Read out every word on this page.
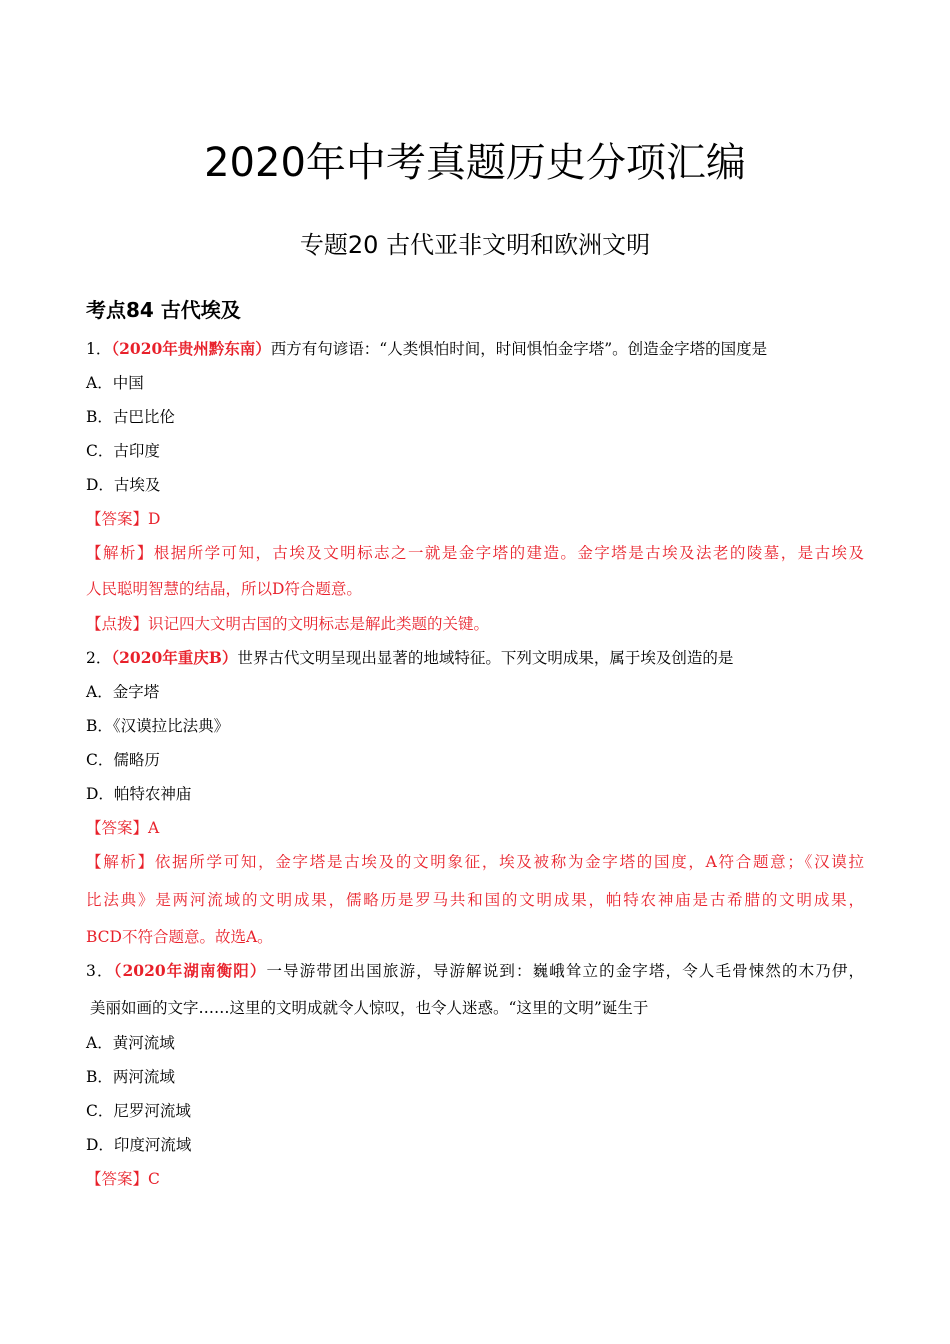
2020年中考真题历史分项汇编
专题20 古代亚非文明和欧洲文明
考点84 古代埃及
1．（2020年贵州黔东南）西方有句谚语：“人类惧怕时间，时间惧怕金字塔”。创造金字塔的国度是
A．中国
B．古巴比伦
C．古印度
D．古埃及
【答案】D
【解析】根据所学可知，古埃及文明标志之一就是金字塔的建造。金字塔是古埃及法老的陵墓，是古埃及
人民聪明智慧的结晶，所以D符合题意。
【点拨】识记四大文明古国的文明标志是解此类题的关键。
2．（2020年重庆B）世界古代文明呈现出显著的地域特征。下列文明成果，属于埃及创造的是
A．金字塔
B．《汉谟拉比法典》
C．儒略历
D．帕特农神庙
【答案】A
【解析】依据所学可知，金字塔是古埃及的文明象征，埃及被称为金字塔的国度，A符合题意；《汉谟拉
比法典》是两河流域的文明成果，儒略历是罗马共和国的文明成果，帕特农神庙是古希腊的文明成果，
BCD不符合题意。故选A。
3．（2020年湖南衡阳）一导游带团出国旅游，导游解说到：巍峨耸立的金字塔，令人毛骨悚然的木乃伊，
美丽如画的文字……这里的文明成就令人惊叹，也令人迷惑。“这里的文明”诞生于
A．黄河流域
B．两河流域
C．尼罗河流域
D．印度河流域
【答案】C
